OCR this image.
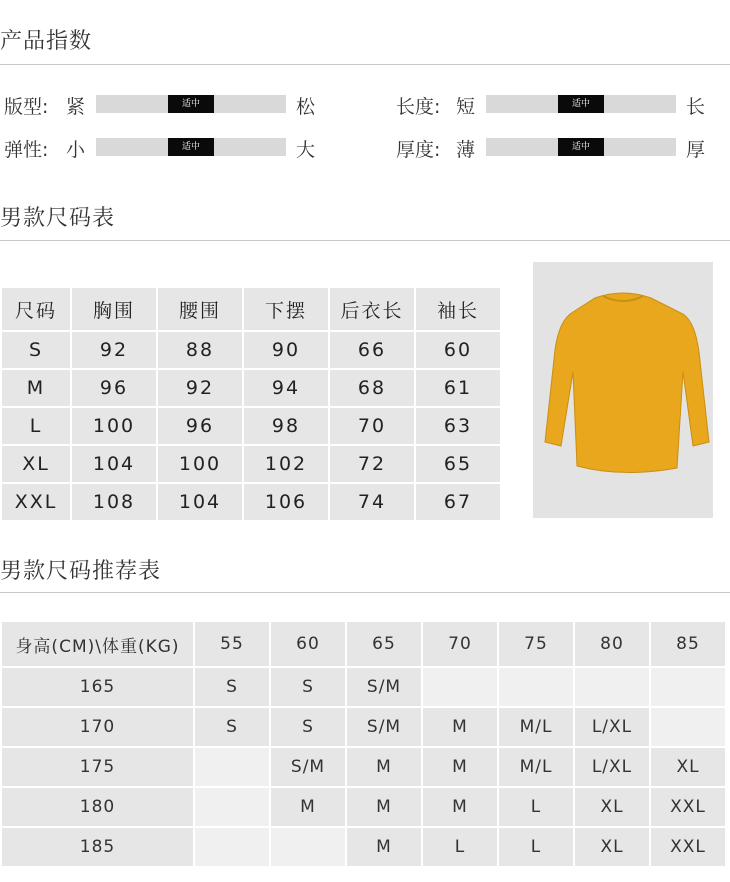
产品指数
版型: 紧	适中	松	长度: 短	适中	长
弹性: 小	适中	大	厚度: 薄	适中	厚
男款尺码表
尺码	胸围	腰围	下摆	后衣长	袖长
S	92	88	90	66	60
M	96	92	94	68	61
L	100	96	98	70	63
XL	104	100	102	72	65
XXL	108	104	106	74	67
男款尺码推荐表
身高(CM)\体重(KG)	55	60	65	70	75	80	85
165	S	S	S/M				
170	S	S	S/M	M	M/L	L/XL	
175		S/M	M	M	M/L	L/XL	XL
180		M	M	M	L	XL	XXL
185			M	L	L	XL	XXL
